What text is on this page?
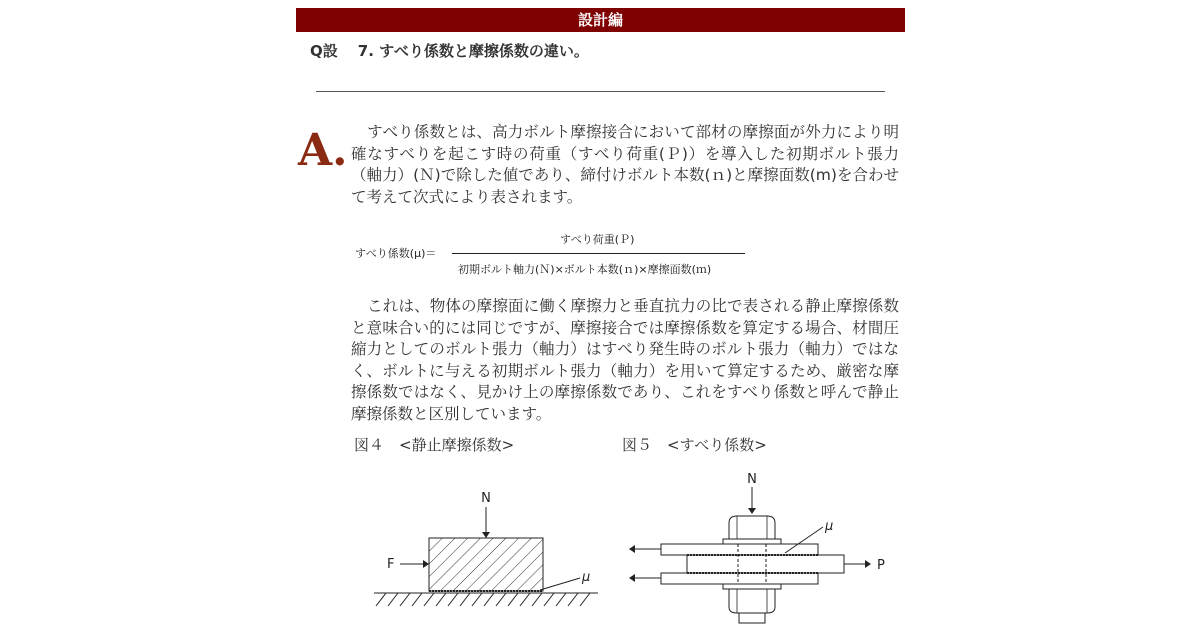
設計編
Q設 7. すべり係数と摩擦係数の違い。
A.	すべり係数とは、高力ボルト摩擦接合において部材の摩擦面が外力により明確なすべりを起こす時の荷重（すべり荷重(Ｐ)）を導入した初期ボルト張力（軸力）(Ｎ)で除した値であり、締付けボルト本数(ｎ)と摩擦面数(m)を合わせて考えて次式により表されます。

すべり係数(μ)＝
すべり荷重(Ｐ)
初期ボルト軸力(Ｎ)×ボルト本数(ｎ)×摩擦面数(ｍ)

これは、物体の摩擦面に働く摩擦力と垂直抗力の比で表される静止摩擦係数と意味合い的には同じですが、摩擦接合では摩擦係数を算定する場合、材間圧縮力としてのボルト張力（軸力）はすべり発生時のボルト張力（軸力）ではなく、ボルトに与える初期ボルト張力（軸力）を用いて算定するため、厳密な摩擦係数ではなく、見かけ上の摩擦係数であり、これをすべり係数と呼んで静止摩擦係数と区別しています。

図４　<静止摩擦係数>	図５　<すべり係数>
N
F
μ
N
P
μ
